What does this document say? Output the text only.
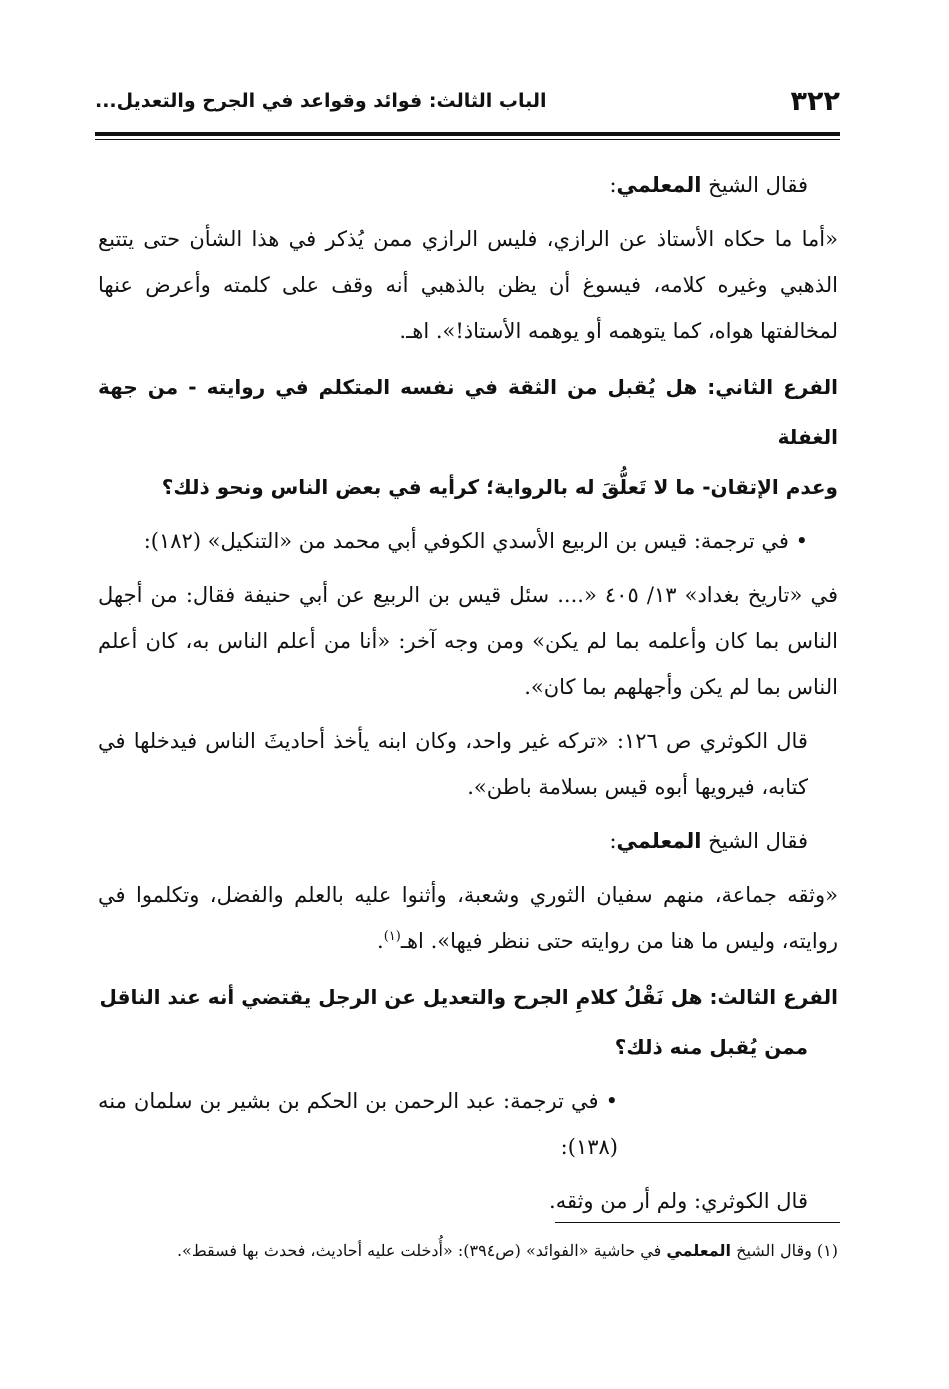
٣٢٢
الباب الثالث: فوائد وقواعد في الجرح والتعديل...

فقال الشيخ المعلمي:

«أما ما حكاه الأستاذ عن الرازي، فليس الرازي ممن يُذكر في هذا الشأن حتى يتتبع الذهبي وغيره كلامه، فيسوغ أن يظن بالذهبي أنه وقف على كلمته وأعرض عنها لمخالفتها هواه، كما يتوهمه أو يوهمه الأستاذ!». اهـ.

الفرع الثاني: هل يُقبل من الثقة في نفسه المتكلم في روايته - من جهة الغفلة
وعدم الإتقان- ما لا تَعلُّقَ له بالرواية؛ كرأيه في بعض الناس ونحو ذلك؟

• في ترجمة: قيس بن الربيع الأسدي الكوفي أبي محمد من «التنكيل» (١٨٢):

في «تاريخ بغداد» ١٣/ ٤٠٥ «.... سئل قيس بن الربيع عن أبي حنيفة فقال: من أجهل الناس بما كان وأعلمه بما لم يكن» ومن وجه آخر: «أنا من أعلم الناس به، كان أعلم الناس بما لم يكن وأجهلهم بما كان».

قال الكوثري ص ١٢٦: «تركه غير واحد، وكان ابنه يأخذ أحاديثَ الناس فيدخلها في كتابه، فيرويها أبوه قيس بسلامة باطن».

فقال الشيخ المعلمي:

«وثقه جماعة، منهم سفيان الثوري وشعبة، وأثنوا عليه بالعلم والفضل، وتكلموا في روايته، وليس ما هنا من روايته حتى ننظر فيها». اهـ$^{(١)}$.

الفرع الثالث: هل نَقْلُ كلامِ الجرح والتعديل عن الرجل يقتضي أنه عند الناقل
ممن يُقبل منه ذلك؟

• في ترجمة: عبد الرحمن بن الحكم بن بشير بن سلمان منه (١٣٨):

قال الكوثري: ولم أر من وثقه.

(١) وقال الشيخ المعلمي في حاشية «الفوائد» (ص٣٩٤): «أُدخلت عليه أحاديث، فحدث بها فسقط».
